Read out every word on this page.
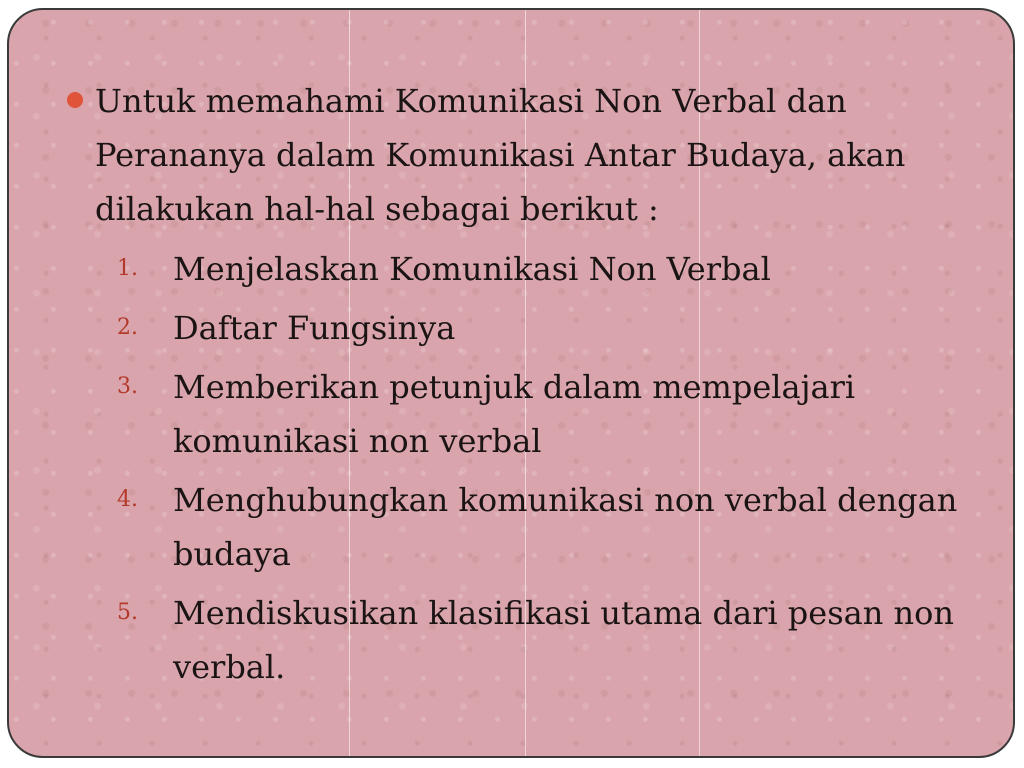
Untuk memahami Komunikasi Non Verbal dan Perananya dalam Komunikasi Antar Budaya, akan dilakukan hal-hal sebagai berikut :
1. Menjelaskan Komunikasi Non Verbal
2. Daftar Fungsinya
3. Memberikan petunjuk dalam mempelajari komunikasi non verbal
4. Menghubungkan komunikasi non verbal dengan budaya
5. Mendiskusikan klasifikasi utama dari pesan non verbal.
